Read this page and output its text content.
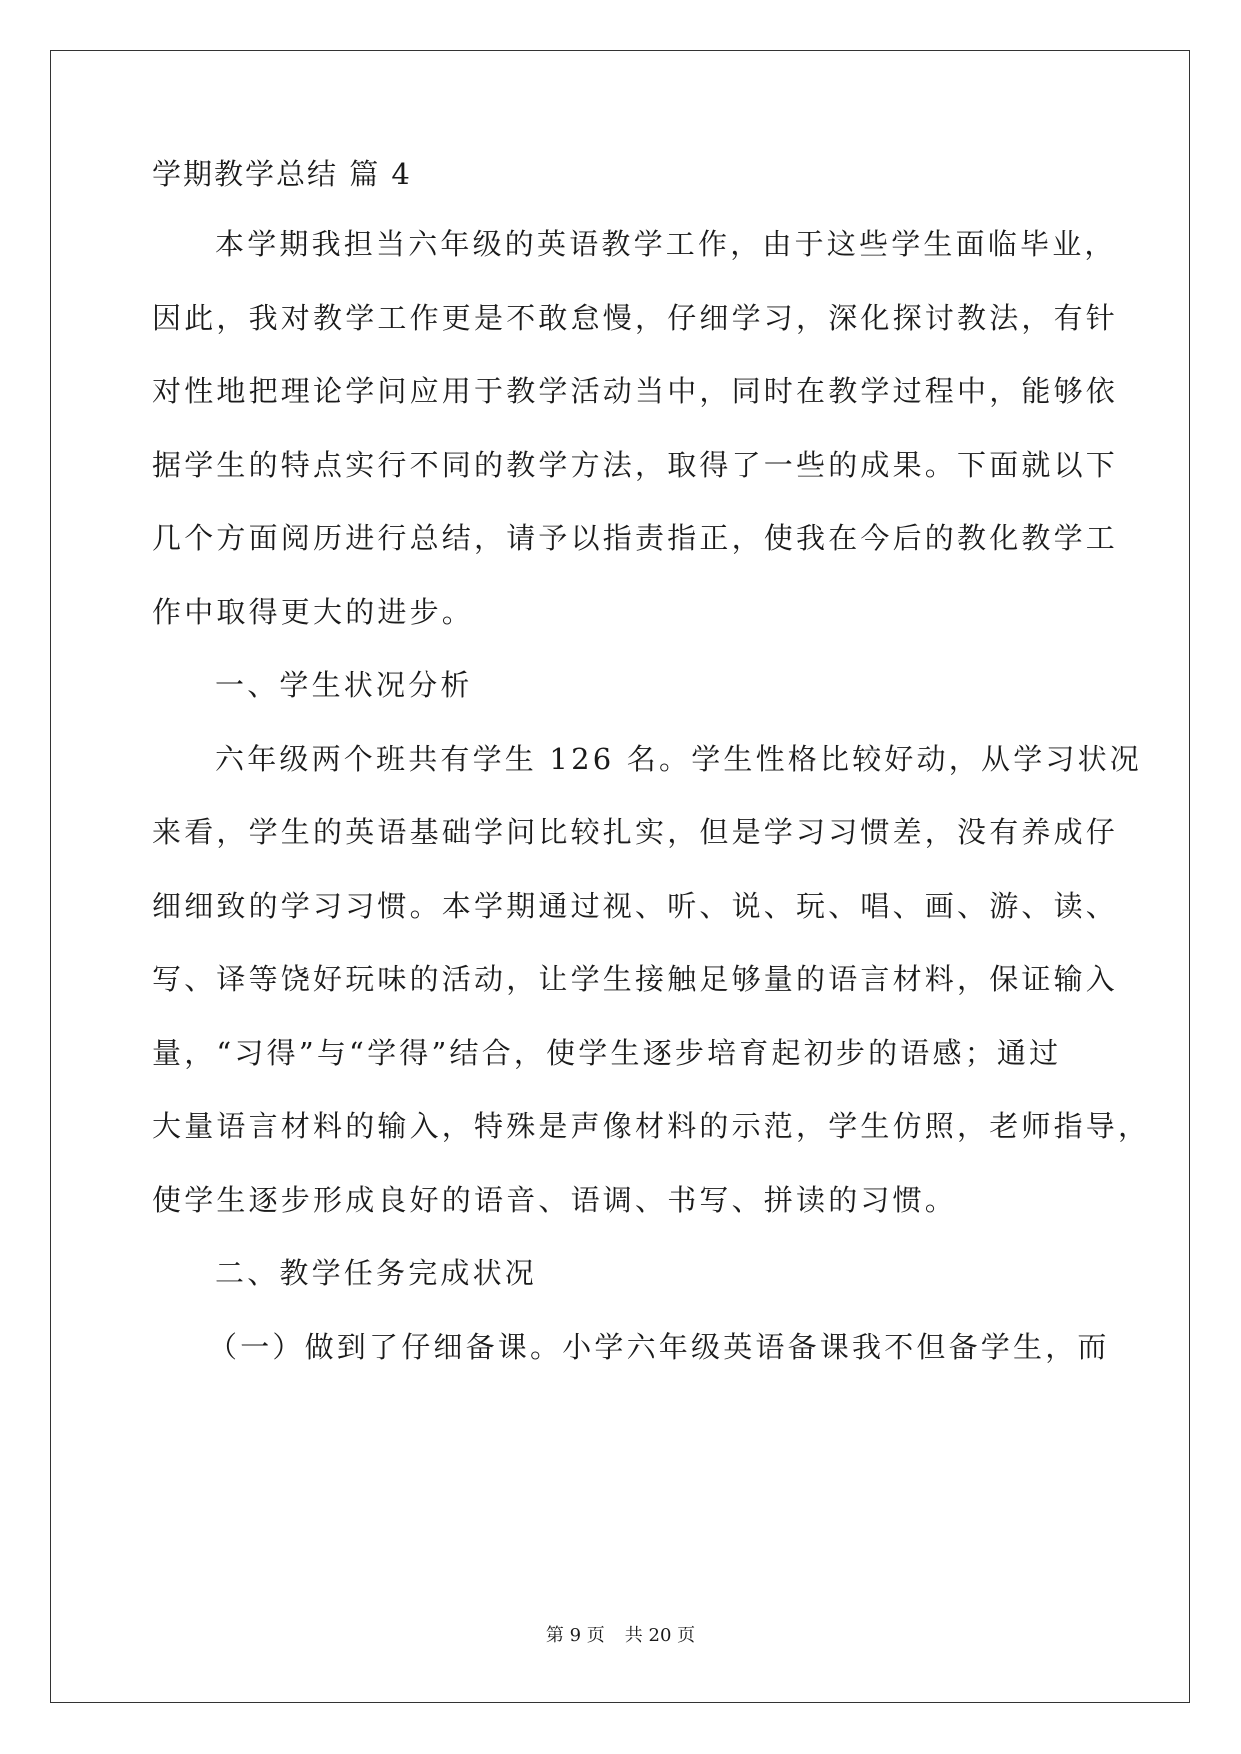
学期教学总结 篇 4
本学期我担当六年级的英语教学工作，由于这些学生面临毕业，
因此，我对教学工作更是不敢怠慢，仔细学习，深化探讨教法，有针
对性地把理论学问应用于教学活动当中，同时在教学过程中，能够依
据学生的特点实行不同的教学方法，取得了一些的成果。下面就以下
几个方面阅历进行总结，请予以指责指正，使我在今后的教化教学工
作中取得更大的进步。
一、学生状况分析
六年级两个班共有学生 126 名。学生性格比较好动，从学习状况
来看，学生的英语基础学问比较扎实，但是学习习惯差，没有养成仔
细细致的学习习惯。本学期通过视、听、说、玩、唱、画、游、读、
写、译等饶好玩味的活动，让学生接触足够量的语言材料，保证输入
量，“习得”与“学得”结合，使学生逐步培育起初步的语感；通过
大量语言材料的输入，特殊是声像材料的示范，学生仿照，老师指导，
使学生逐步形成良好的语音、语调、书写、拼读的习惯。
二、教学任务完成状况
（一）做到了仔细备课。小学六年级英语备课我不但备学生，而
第 9 页 共 20 页
